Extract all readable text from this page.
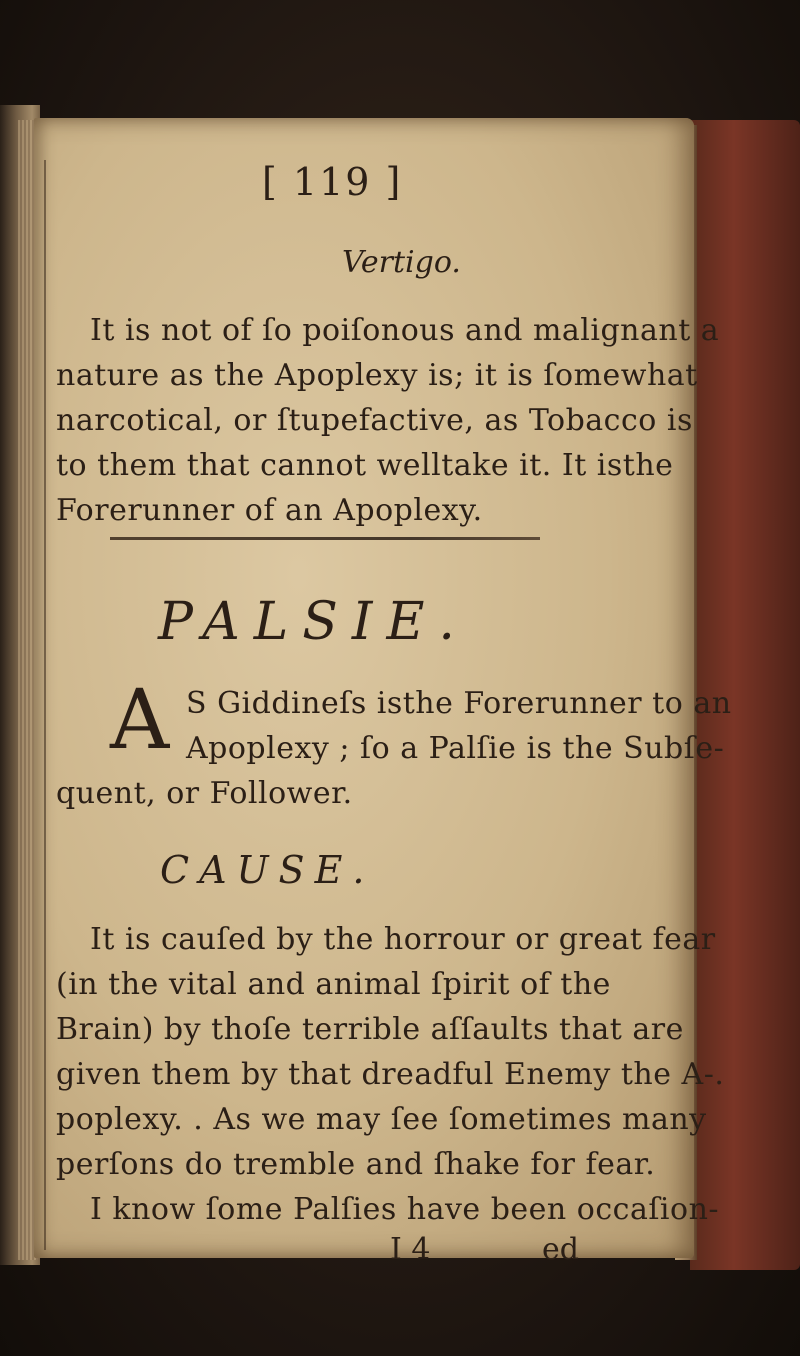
[ 119 ]
Vertigo.
It is not of ſo poiſonous and malignant a
nature as the Apoplexy is; it is ſomewhat
narcotical, or ſtupefactive, as Tobacco is
to them that cannot welltake it. It isthe
Forerunner of an Apoplexy.
PALSIE.
A S Giddineſs isthe Forerunner to an
Apoplexy ; ſo a Palſie is the Subſe-
quent, or Follower.
CAUSE.
It is cauſed by the horrour or great fear
(in the vital and animal ſpirit of the
Brain) by thoſe terrible aſſaults that are
given them by that dreadful Enemy the A-.
poplexy. . As we may ſee ſometimes many
perſons do tremble and ſhake for fear.
I know ſome Palſies have been occaſion-
I 4	ed
